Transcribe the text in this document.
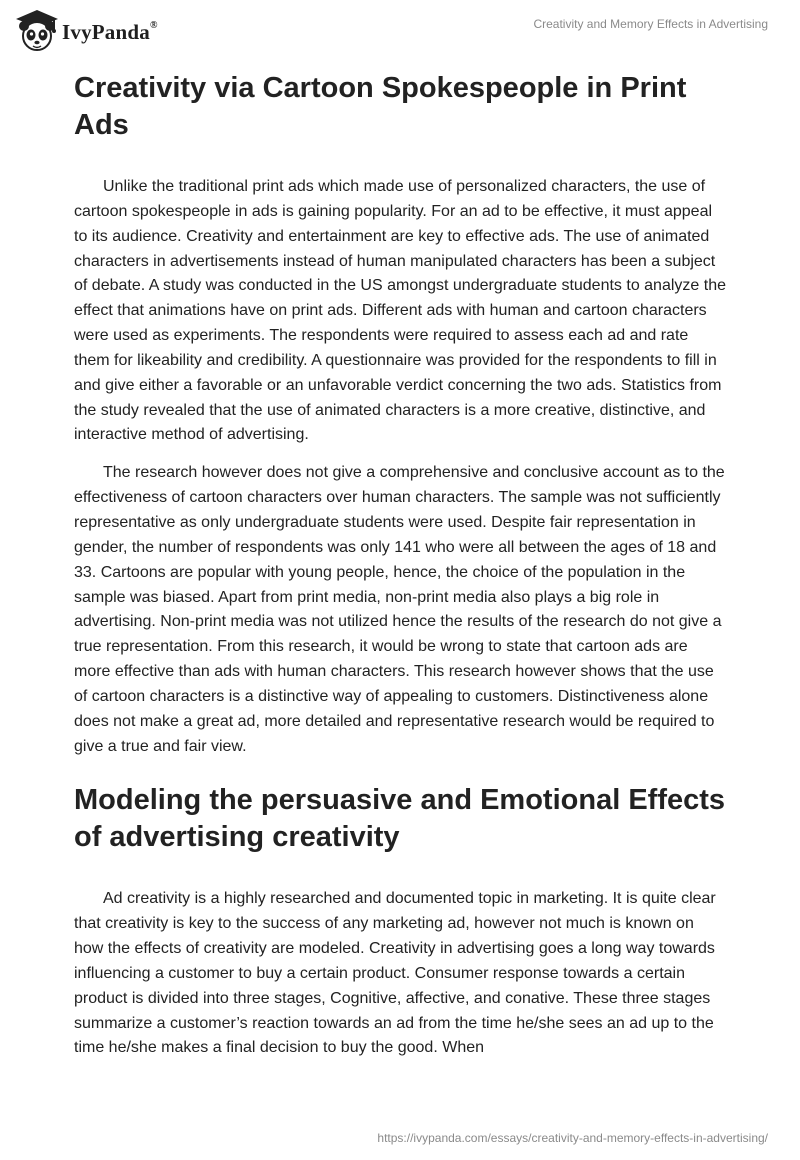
IvyPanda®	Creativity and Memory Effects in Advertising
Creativity via Cartoon Spokespeople in Print Ads

Unlike the traditional print ads which made use of personalized characters, the use of cartoon spokespeople in ads is gaining popularity. For an ad to be effective, it must appeal to its audience. Creativity and entertainment are key to effective ads. The use of animated characters in advertisements instead of human manipulated characters has been a subject of debate. A study was conducted in the US amongst undergraduate students to analyze the effect that animations have on print ads. Different ads with human and cartoon characters were used as experiments. The respondents were required to assess each ad and rate them for likeability and credibility. A questionnaire was provided for the respondents to fill in and give either a favorable or an unfavorable verdict concerning the two ads. Statistics from the study revealed that the use of animated characters is a more creative, distinctive, and interactive method of advertising.

The research however does not give a comprehensive and conclusive account as to the effectiveness of cartoon characters over human characters. The sample was not sufficiently representative as only undergraduate students were used. Despite fair representation in gender, the number of respondents was only 141 who were all between the ages of 18 and 33. Cartoons are popular with young people, hence, the choice of the population in the sample was biased. Apart from print media, non-print media also plays a big role in advertising. Non-print media was not utilized hence the results of the research do not give a true representation. From this research, it would be wrong to state that cartoon ads are more effective than ads with human characters. This research however shows that the use of cartoon characters is a distinctive way of appealing to customers. Distinctiveness alone does not make a great ad, more detailed and representative research would be required to give a true and fair view.

Modeling the persuasive and Emotional Effects of advertising creativity

Ad creativity is a highly researched and documented topic in marketing. It is quite clear that creativity is key to the success of any marketing ad, however not much is known on how the effects of creativity are modeled. Creativity in advertising goes a long way towards influencing a customer to buy a certain product. Consumer response towards a certain product is divided into three stages, Cognitive, affective, and conative. These three stages summarize a customer’s reaction towards an ad from the time he/she sees an ad up to the time he/she makes a final decision to buy the good. When

https://ivypanda.com/essays/creativity-and-memory-effects-in-advertising/
